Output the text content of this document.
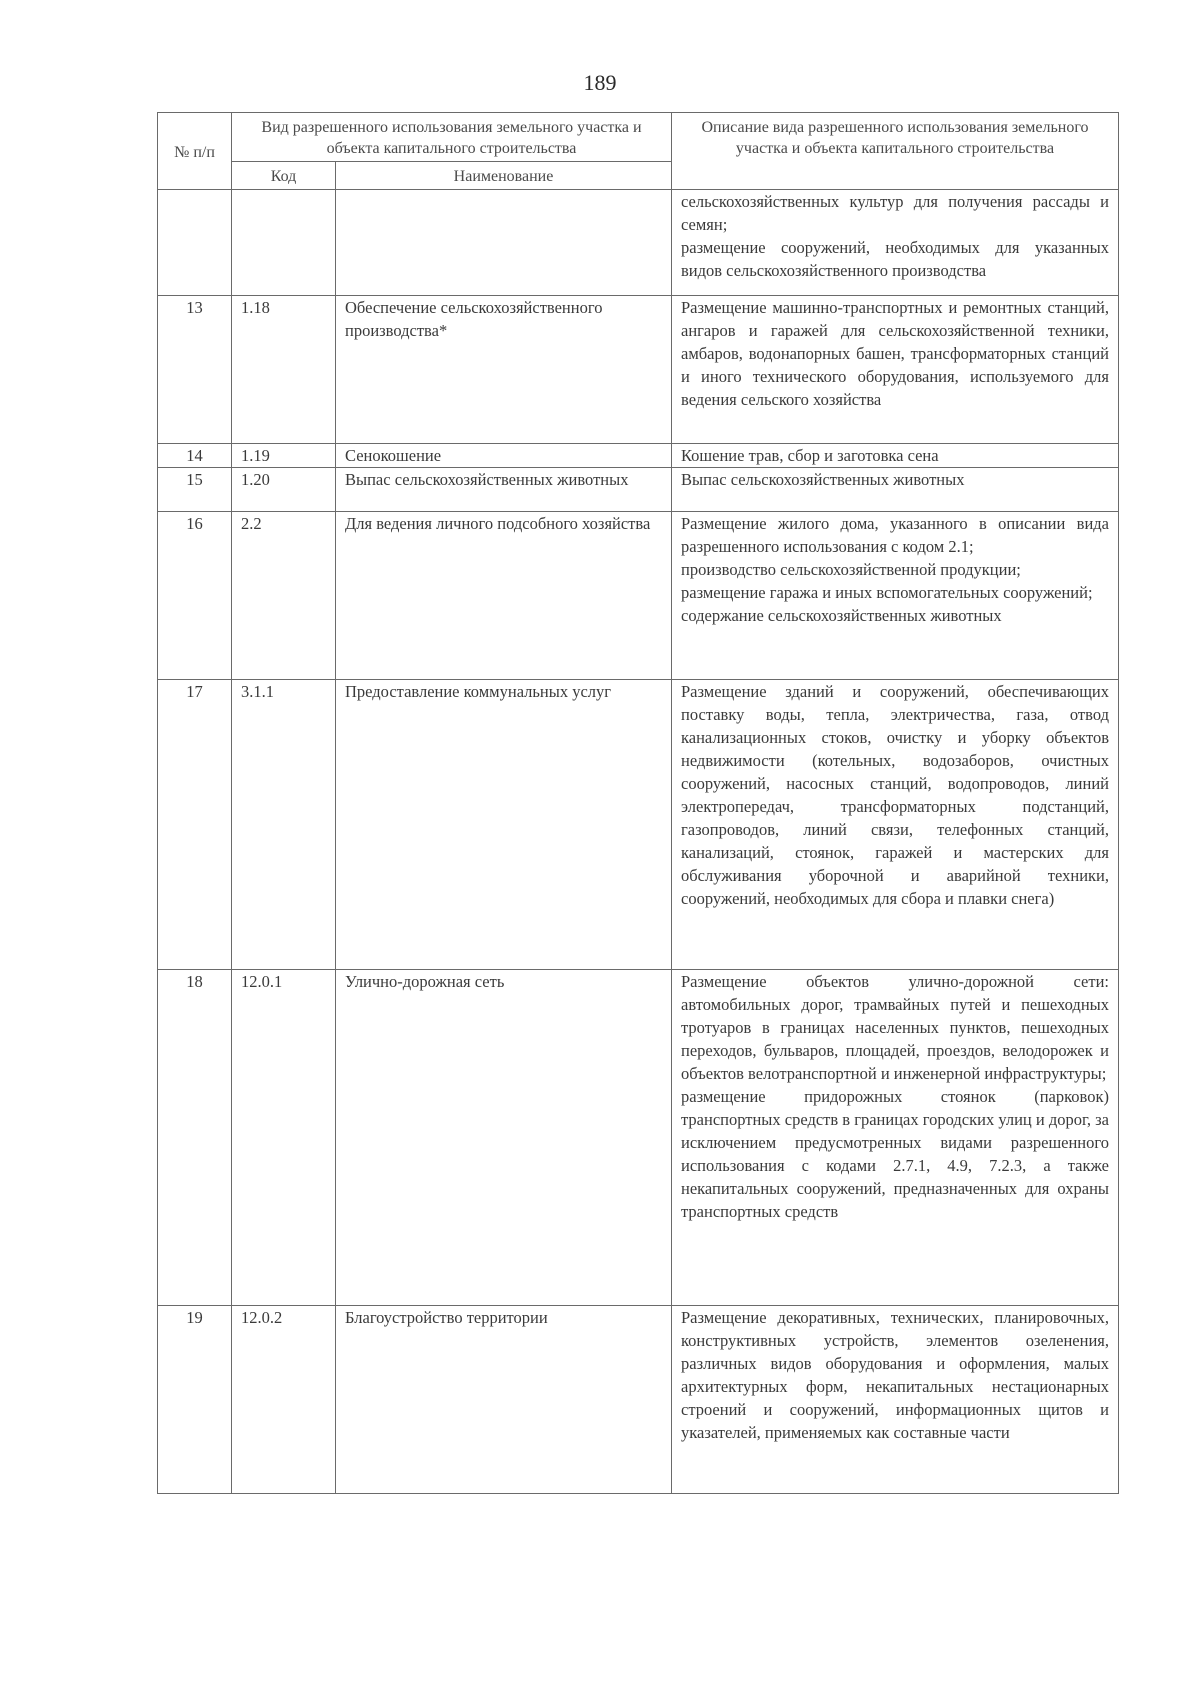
189
№ п/п	Вид разрешенного использования земельного участка и объекта капитального строительства		Описание вида разрешенного использования земельного участка и объекта капитального строительства
	Код	Наименование	

			сельскохозяйственных культур для получения рассады и семян;
размещение сооружений, необходимых для указанных видов сельскохозяйственного производства

13	1.18	Обеспечение сельскохозяйственного производства*	Размещение машинно-транспортных и ремонтных станций, ангаров и гаражей для сельскохозяйственной техники, амбаров, водонапорных башен, трансформаторных станций и иного технического оборудования, используемого для ведения сельского хозяйства

14	1.19	Сенокошение	Кошение трав, сбор и заготовка сена

15	1.20	Выпас сельскохозяйственных животных	Выпас сельскохозяйственных животных

16	2.2	Для ведения личного подсобного хозяйства	Размещение жилого дома, указанного в описании вида разрешенного использования с кодом 2.1;
производство сельскохозяйственной продукции;
размещение гаража и иных вспомогательных сооружений;
содержание сельскохозяйственных животных

17	3.1.1	Предоставление коммунальных услуг	Размещение зданий и сооружений, обеспечивающих поставку воды, тепла, электричества, газа, отвод канализационных стоков, очистку и уборку объектов недвижимости (котельных, водозаборов, очистных сооружений, насосных станций, водопроводов, линий электропередач, трансформаторных подстанций, газопроводов, линий связи, телефонных станций, канализаций, стоянок, гаражей и мастерских для обслуживания уборочной и аварийной техники, сооружений, необходимых для сбора и плавки снега)

18	12.0.1	Улично-дорожная сеть	Размещение объектов улично-дорожной сети: автомобильных дорог, трамвайных путей и пешеходных тротуаров в границах населенных пунктов, пешеходных переходов, бульваров, площадей, проездов, велодорожек и объектов велотранспортной и инженерной инфраструктуры;
размещение придорожных стоянок (парковок) транспортных средств в границах городских улиц и дорог, за исключением предусмотренных видами разрешенного использования с кодами 2.7.1, 4.9, 7.2.3, а также некапитальных сооружений, предназначенных для охраны транспортных средств

19	12.0.2	Благоустройство территории	Размещение декоративных, технических, планировочных, конструктивных устройств, элементов озеленения, различных видов оборудования и оформления, малых архитектурных форм, некапитальных нестационарных строений и сооружений, информационных щитов и указателей, применяемых как составные части
